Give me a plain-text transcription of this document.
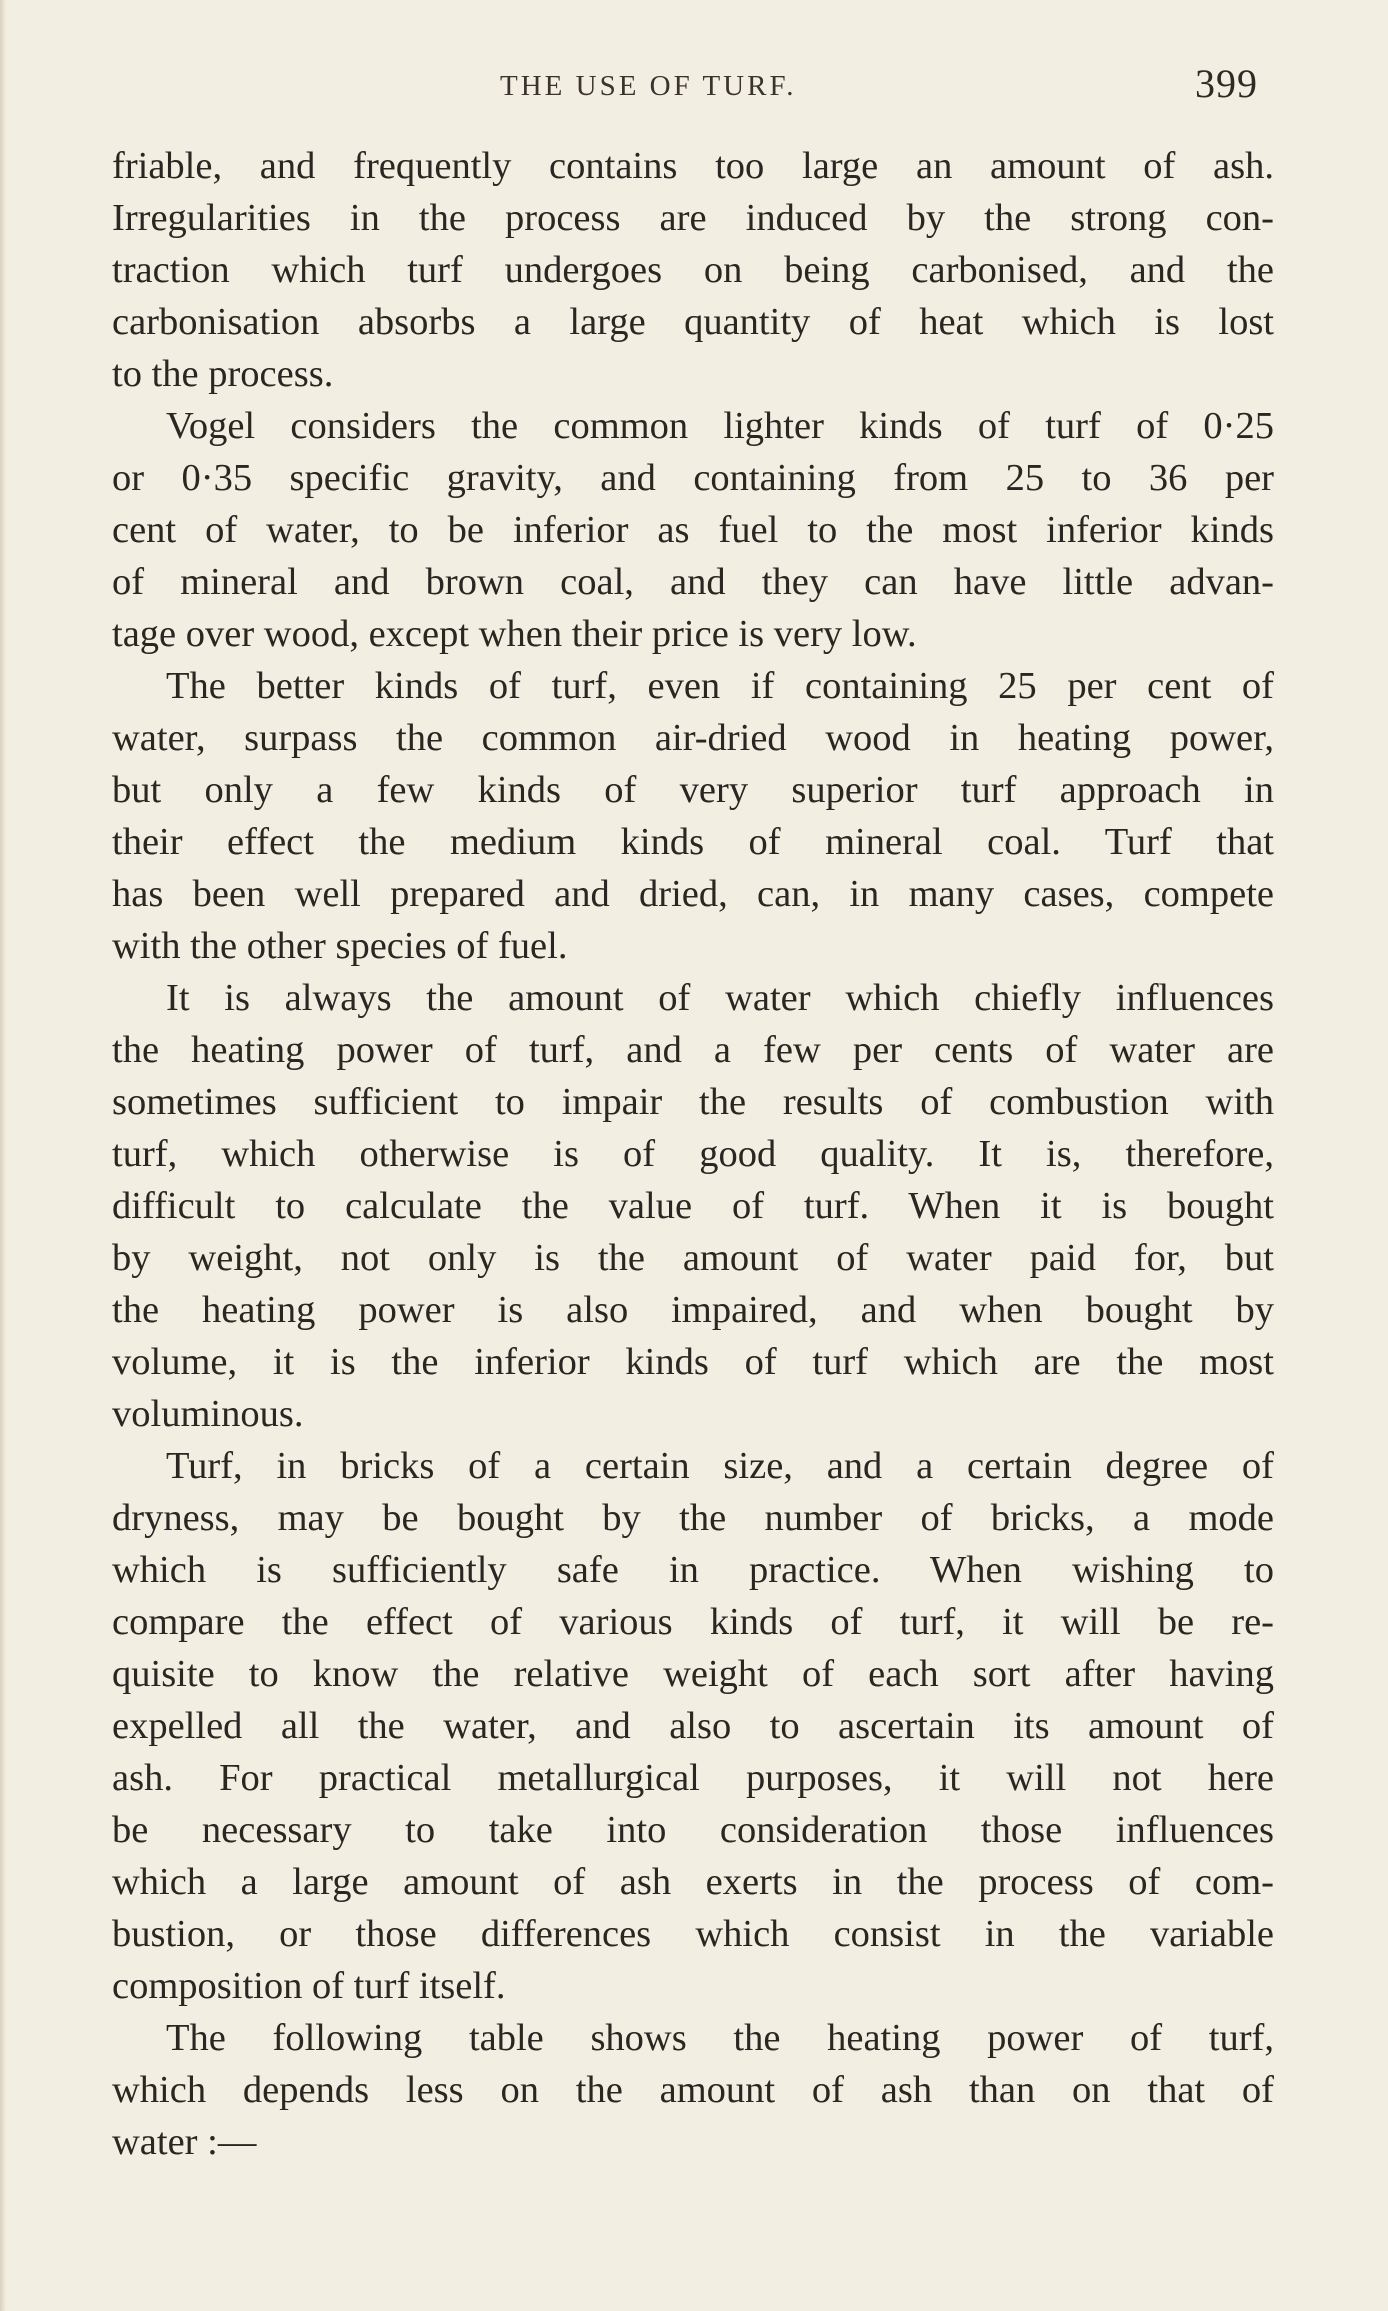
THE USE OF TURF.	399
friable, and frequently contains too large an amount of ash.
Irregularities in the process are induced by the strong con-
traction which turf undergoes on being carbonised, and the
carbonisation absorbs a large quantity of heat which is lost
to the process.
Vogel considers the common lighter kinds of turf of 0·25
or 0·35 specific gravity, and containing from 25 to 36 per
cent of water, to be inferior as fuel to the most inferior kinds
of mineral and brown coal, and they can have little advan-
tage over wood, except when their price is very low.
The better kinds of turf, even if containing 25 per cent of
water, surpass the common air-dried wood in heating power,
but only a few kinds of very superior turf approach in
their effect the medium kinds of mineral coal. Turf that
has been well prepared and dried, can, in many cases, compete
with the other species of fuel.
It is always the amount of water which chiefly influences
the heating power of turf, and a few per cents of water are
sometimes sufficient to impair the results of combustion with
turf, which otherwise is of good quality. It is, therefore,
difficult to calculate the value of turf. When it is bought
by weight, not only is the amount of water paid for, but
the heating power is also impaired, and when bought by
volume, it is the inferior kinds of turf which are the most
voluminous.
Turf, in bricks of a certain size, and a certain degree of
dryness, may be bought by the number of bricks, a mode
which is sufficiently safe in practice. When wishing to
compare the effect of various kinds of turf, it will be re-
quisite to know the relative weight of each sort after having
expelled all the water, and also to ascertain its amount of
ash. For practical metallurgical purposes, it will not here
be necessary to take into consideration those influences
which a large amount of ash exerts in the process of com-
bustion, or those differences which consist in the variable
composition of turf itself.
The following table shows the heating power of turf,
which depends less on the amount of ash than on that of
water :—
